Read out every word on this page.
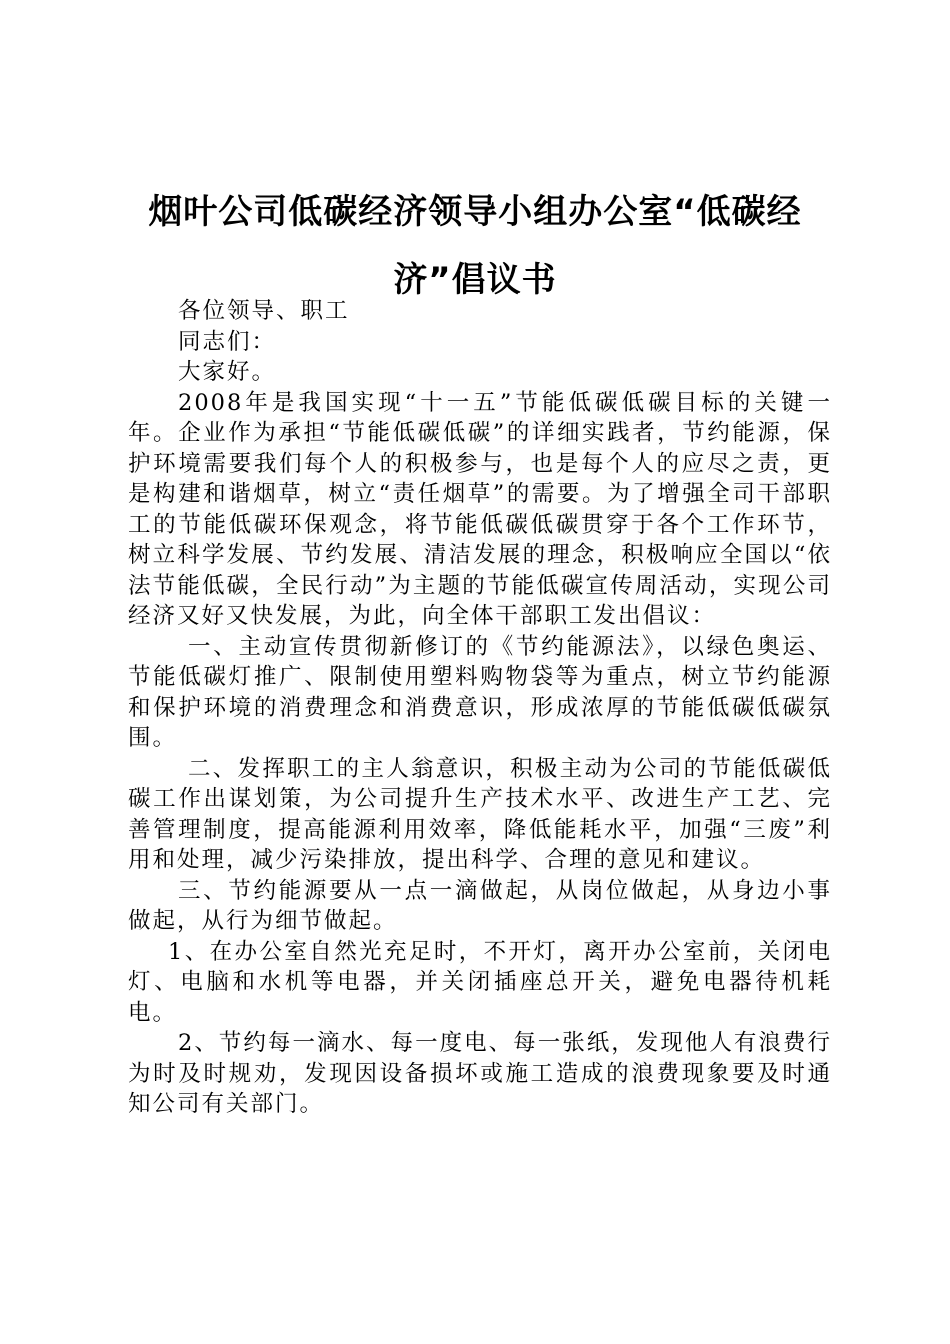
烟叶公司低碳经济领导小组办公室“低碳经
济”倡议书

各位领导、职工

同志们：

大家好。

2008年是我国实现“十一五”节能低碳低碳目标的关键一年。企业作为承担“节能低碳低碳”的详细实践者，节约能源，保护环境需要我们每个人的积极参与，也是每个人的应尽之责，更是构建和谐烟草，树立“责任烟草”的需要。为了增强全司干部职工的节能低碳环保观念，将节能低碳低碳贯穿于各个工作环节，树立科学发展、节约发展、清洁发展的理念，积极响应全国以“依法节能低碳，全民行动”为主题的节能低碳宣传周活动，实现公司经济又好又快发展，为此，向全体干部职工发出倡议：

一、主动宣传贯彻新修订的《节约能源法》，以绿色奥运、节能低碳灯推广、限制使用塑料购物袋等为重点，树立节约能源和保护环境的消费理念和消费意识，形成浓厚的节能低碳低碳氛围。

二、发挥职工的主人翁意识，积极主动为公司的节能低碳低碳工作出谋划策，为公司提升生产技术水平、改进生产工艺、完善管理制度，提高能源利用效率，降低能耗水平，加强“三废”利用和处理，减少污染排放，提出科学、合理的意见和建议。

三、节约能源要从一点一滴做起，从岗位做起，从身边小事做起，从行为细节做起。

1、在办公室自然光充足时，不开灯，离开办公室前，关闭电灯、电脑和水机等电器，并关闭插座总开关，避免电器待机耗电。

2、节约每一滴水、每一度电、每一张纸，发现他人有浪费行为时及时规劝，发现因设备损坏或施工造成的浪费现象要及时通知公司有关部门。
